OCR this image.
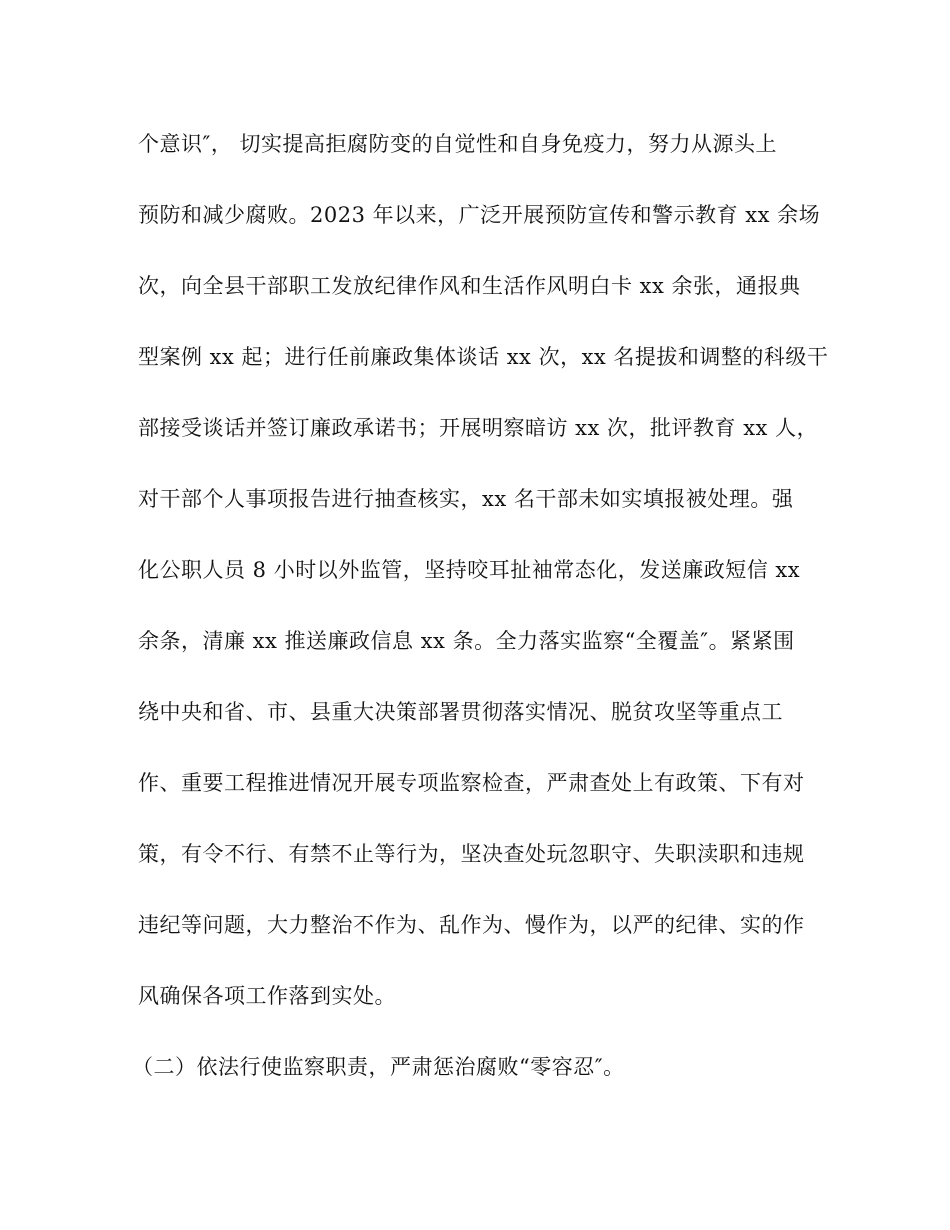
个意识″， 切实提高拒腐防变的自觉性和自身免疫力，努力从源头上
预防和减少腐败。2023 年以来，广泛开展预防宣传和警示教育 xx 余场
次，向全县干部职工发放纪律作风和生活作风明白卡 xx 余张，通报典
型案例 xx 起；进行任前廉政集体谈话 xx 次，xx 名提拔和调整的科级干
部接受谈话并签订廉政承诺书；开展明察暗访 xx 次，批评教育 xx 人，
对干部个人事项报告进行抽查核实，xx 名干部未如实填报被处理。强
化公职人员 8 小时以外监管，坚持咬耳扯袖常态化，发送廉政短信 xx
余条，清廉 xx 推送廉政信息 xx 条。全力落实监察“全覆盖″。紧紧围
绕中央和省、市、县重大决策部署贯彻落实情况、脱贫攻坚等重点工
作、重要工程推进情况开展专项监察检查，严肃查处上有政策、下有对
策，有令不行、有禁不止等行为，坚决查处玩忽职守、失职渎职和违规
违纪等问题，大力整治不作为、乱作为、慢作为，以严的纪律、实的作
风确保各项工作落到实处。
（二）依法行使监察职责，严肃惩治腐败“零容忍″。
